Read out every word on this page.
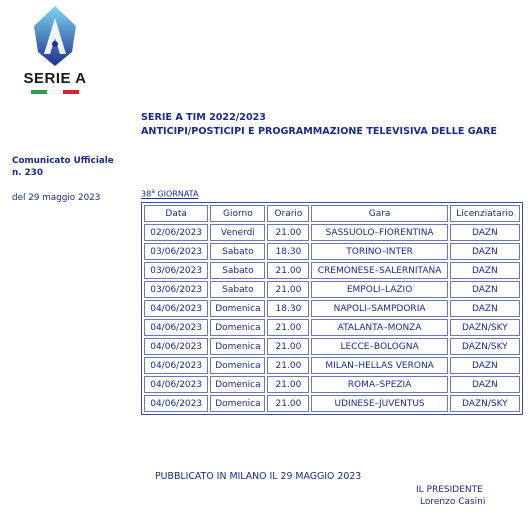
SERIE A
SERIE A TIM 2022/2023
ANTICIPI/POSTICIPI E PROGRAMMAZIONE TELEVISIVA DELLE GARE
Comunicato Ufficiale
n. 230
del 29 maggio 2023	38$^a$ GIORNATA
Data	Giorno	Orario	Gara	Licenziatario
02/06/2023	Venerdì	21.00	SASSUOLO–FIORENTINA	DAZN
03/06/2023	Sabato	18.30	TORINO–INTER	DAZN
03/06/2023	Sabato	21.00	CREMONESE–SALERNITANA	DAZN
03/06/2023	Sabato	21.00	EMPOLI–LAZIO	DAZN
04/06/2023	Domenica	18.30	NAPOLI–SAMPDORIA	DAZN
04/06/2023	Domenica	21.00	ATALANTA–MONZA	DAZN/SKY
04/06/2023	Domenica	21.00	LECCE–BOLOGNA	DAZN/SKY
04/06/2023	Domenica	21.00	MILAN–HELLAS VERONA	DAZN
04/06/2023	Domenica	21.00	ROMA–SPEZIA	DAZN
04/06/2023	Domenica	21.00	UDINESE–JUVENTUS	DAZN/SKY
PUBBLICATO IN MILANO IL 29 MAGGIO 2023
IL PRESIDENTE
Lorenzo Casini
